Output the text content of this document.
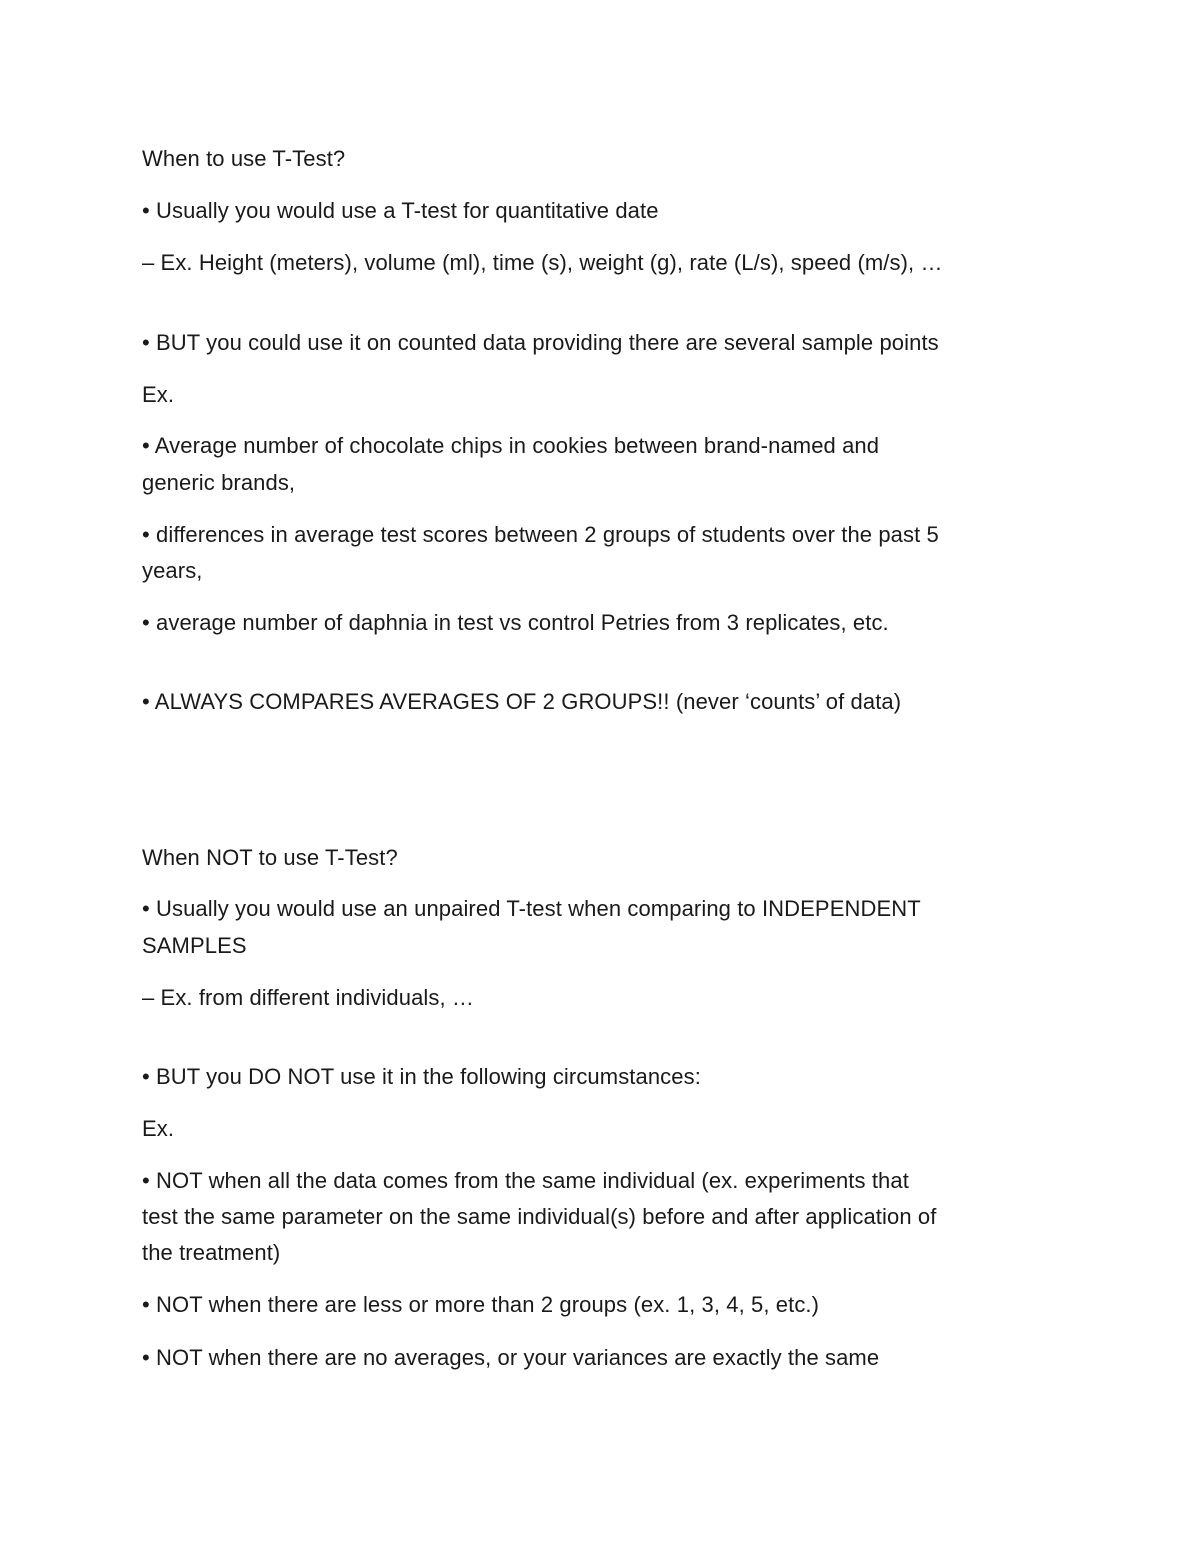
When to use T-Test?

• Usually you would use a T-test for quantitative date

– Ex. Height (meters), volume (ml), time (s), weight (g), rate (L/s), speed (m/s), …

• BUT you could use it on counted data providing there are several sample points

Ex.

• Average number of chocolate chips in cookies between brand-named and

generic brands,

• differences in average test scores between 2 groups of students over the past 5

years,

• average number of daphnia in test vs control Petries from 3 replicates, etc.

• ALWAYS COMPARES AVERAGES OF 2 GROUPS!! (never ‘counts’ of data)

When NOT to use T-Test?

• Usually you would use an unpaired T-test when comparing to INDEPENDENT

SAMPLES

– Ex. from different individuals, …

• BUT you DO NOT use it in the following circumstances:

Ex.

• NOT when all the data comes from the same individual (ex. experiments that

test the same parameter on the same individual(s) before and after application of

the treatment)

• NOT when there are less or more than 2 groups (ex. 1, 3, 4, 5, etc.)

• NOT when there are no averages, or your variances are exactly the same
